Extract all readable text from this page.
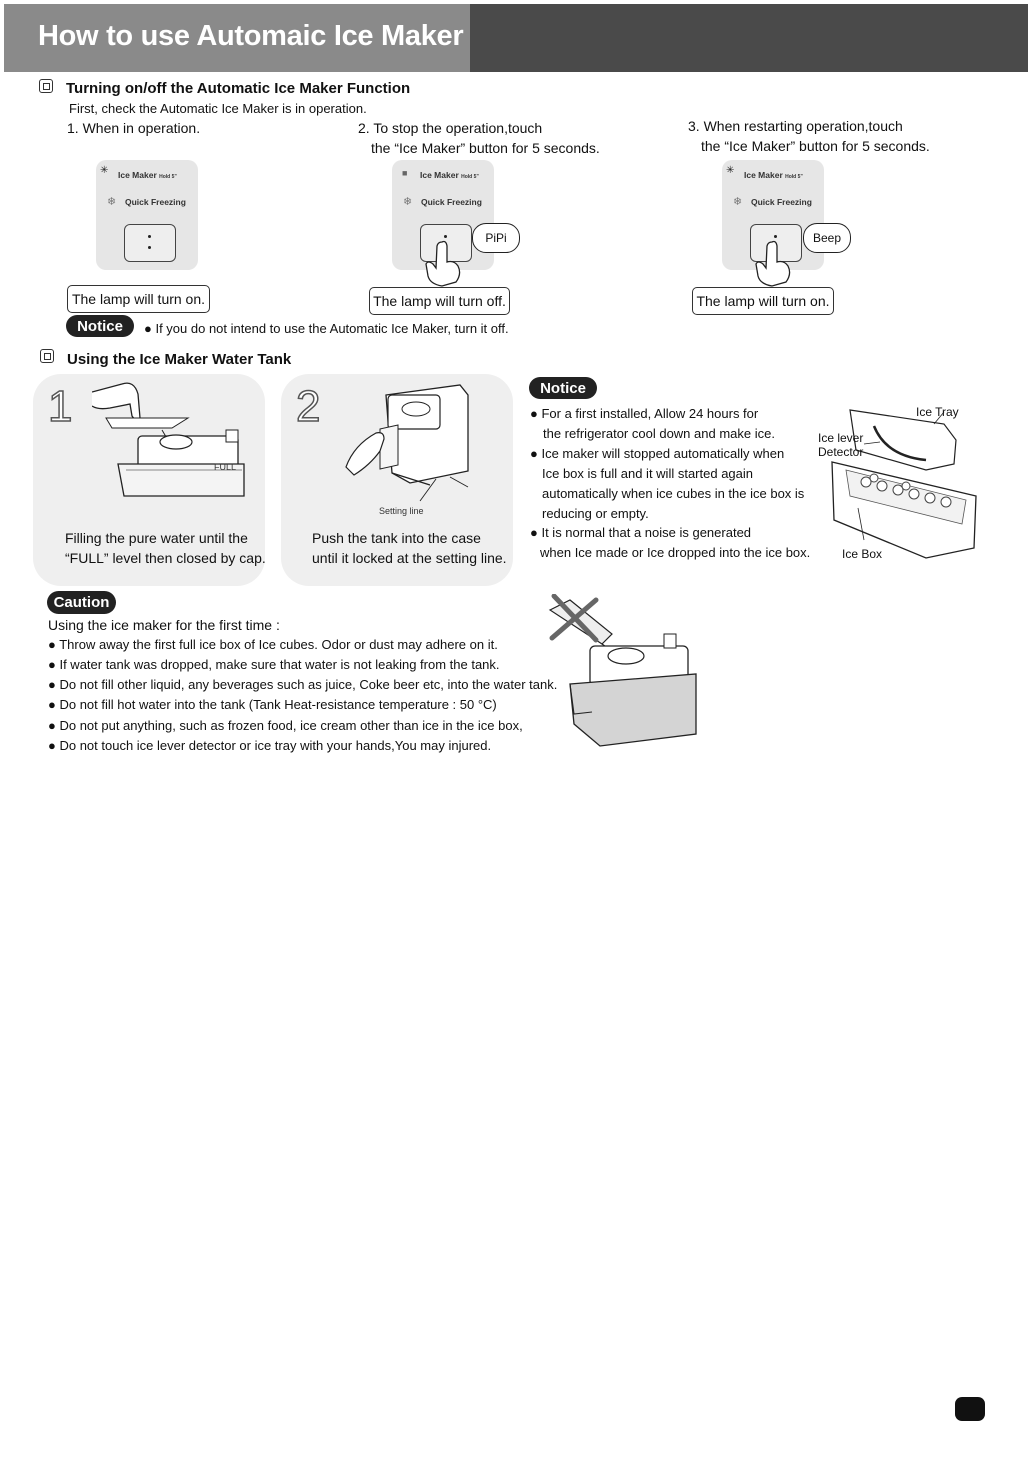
How to use Automaic Ice Maker
Turning on/off the Automatic Ice Maker Function
First, check the Automatic Ice Maker is in operation.
1. When in operation.	2. To stop the operation,touch
the “Ice Maker” button for 5 seconds.
3. When restarting operation,touch
the “Ice Maker” button for 5 seconds.
✳ Ice Maker Hold 5”
❄ Quick Freezing
■ Ice Maker Hold 5”
❄ Quick Freezing
PiPi
✳ Ice Maker Hold 5”
❄ Quick Freezing
Beep
The lamp will turn on.	The lamp will turn off.	The lamp will turn on.
Notice	● If you do not intend to use the Automatic Ice Maker, turn it off.
Using the Ice Maker Water Tank
1
FULL
Filling the pure water until the
“FULL” level then closed by cap.
2
Setting line
Push the tank into the case
until it locked at the setting line.
Notice
● For a first installed, Allow 24 hours for
the refrigerator cool down and make ice.
● Ice maker will stopped automatically when
Ice box is full and it will started again
automatically when ice cubes in the ice box is
reducing or empty.
● It is normal that a noise is generated
when Ice made or Ice dropped into the ice box.
Ice Tray
Ice lever
Detector
Ice Box
Caution
Using the ice maker for the first time :
● Throw away the first full ice box of Ice cubes. Odor or dust may adhere on it.
● If water tank was dropped, make sure that water is not leaking from the tank.
● Do not fill other liquid, any beverages such as juice, Coke beer etc, into the water tank.
● Do not fill hot water into the tank (Tank Heat-resistance temperature : 50 °C)
● Do not put anything, such as frozen food, ice cream other than ice in the ice box,
● Do not touch ice lever detector or ice tray with your hands,You may injured.
